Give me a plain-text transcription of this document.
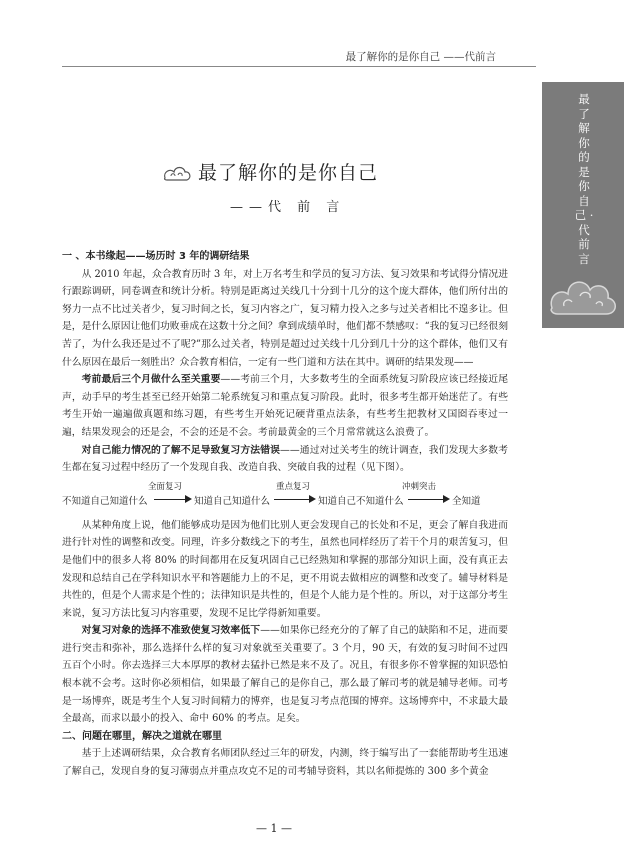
最了解你的是你自己 ——代前言
最了解你的是你自己 · 代前言
最了解你的是你自己
——代 前 言

一 、本书缘起——场历时 3 年的调研结果

从 2010 年起，众合教育历时 3 年，对上万名考生和学员的复习方法、复习效果和考试得分情况进行跟踪调研，同卷调查和统计分析。特别是距离过关线几十分到十几分的这个庞大群体，他们所付出的努力一点不比过关者少，复习时间之长，复习内容之广，复习精力投入之多与过关者相比不遑多让。但是，是什么原因让他们功败垂成在这数十分之间？拿到成绩单时，他们都不禁感叹：“我的复习已经很刻苦了，为什么我还是过不了呢?”那么过关者，特别是超过过关线十几分到几十分的这个群体，他们又有什么原因在最后一刻胜出？众合教育相信，一定有一些门道和方法在其中。调研的结果发现——

考前最后三个月做什么至关重要——考前三个月，大多数考生的全面系统复习阶段应该已经接近尾声，动手早的考生甚至已经开始第二轮系统复习和重点复习阶段。此时，很多考生都开始迷茫了。有些考生开始一遍遍做真题和练习题，有些考生开始死记硬背重点法条，有些考生把教材又国囵吞枣过一遍，结果发现会的还是会，不会的还是不会。考前最黄金的三个月常常就这么浪费了。

对自己能力情况的了解不足导致复习方法错误——通过对过关考生的统计调查，我们发现大多数考生都在复习过程中经历了一个发现自我、改造自我、突破自我的过程（见下图）。

不知道自己知道什么	知道自己知道什么	知道自己不知道什么	全知道
全面复习	重点复习	冲刺突击

从某种角度上说，他们能够成功是因为他们比别人更会发现自己的长处和不足，更会了解自我进而进行针对性的调整和改变。同理，许多分数线之下的考生，虽然也同样经历了若干个月的艰苦复习，但是他们中的很多人将 80% 的时间都用在反复巩固自己已经熟知和掌握的那部分知识上面，没有真正去发现和总结自己在学科知识水平和答题能力上的不足，更不用说去做相应的调整和改变了。辅导材料是共性的，但是个人需求是个性的；法律知识是共性的，但是个人能力是个性的。所以，对于这部分考生来说，复习方法比复习内容重要，发现不足比学得新知重要。

对复习对象的选择不准致使复习效率低下——如果你已经充分的了解了自己的缺陷和不足，进而要进行突击和弥补，那么选择什么样的复习对象就至关重要了。3 个月，90 天，有效的复习时间不过四五百个小时。你去选择三大本厚厚的教材去猛扑已然是来不及了。况且，有很多你不曾掌握的知识恐怕根本就不会考。这时你必须相信，如果最了解自己的是你自己，那么最了解司考的就是辅导老师。司考是一场博弈，既是考生个人复习时间精力的博弈，也是复习考点范围的博弈。这场博弈中，不求最大最全最高，而求以最小的投入、命中 60% 的考点。足矣。

二、问题在哪里，解决之道就在哪里

基于上述调研结果，众合教育名师团队经过三年的研发，内测，终于编写出了一套能帮助考生迅速了解自己，发现自身的复习薄弱点并重点攻克不足的司考辅导资料，其以名师提炼的 300 多个黄金

— 1 —
